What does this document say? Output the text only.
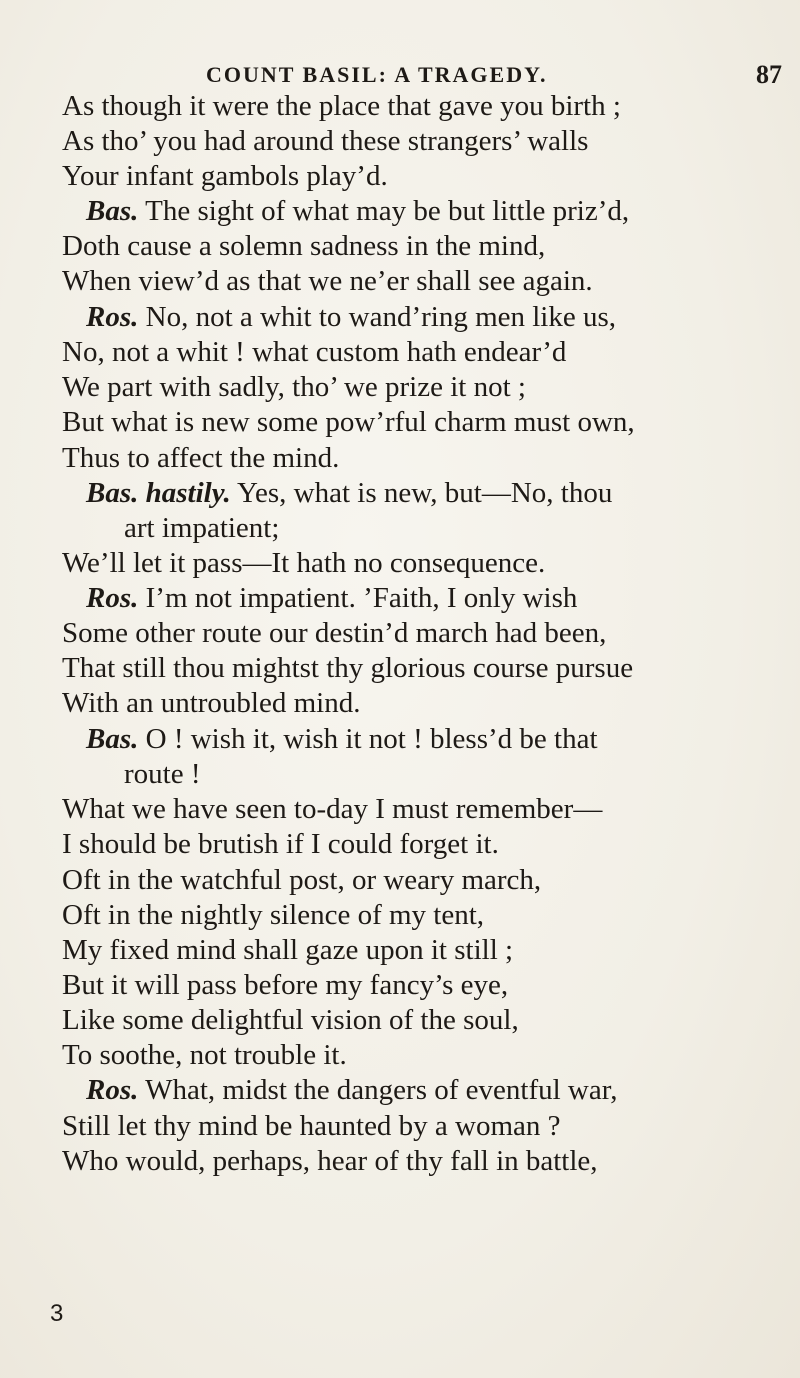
COUNT BASIL: A TRAGEDY.	87
As though it were the place that gave you birth ;
As tho’ you had around these strangers’ walls
Your infant gambols play’d.
Bas. The sight of what may be but little priz’d,
Doth cause a solemn sadness in the mind,
When view’d as that we ne’er shall see again.
Ros. No, not a whit to wand’ring men like us,
No, not a whit ! what custom hath endear’d
We part with sadly, tho’ we prize it not ;
But what is new some pow’rful charm must own,
Thus to affect the mind.
Bas. hastily. Yes, what is new, but—No, thou
art impatient;
We’ll let it pass—It hath no consequence.
Ros. I’m not impatient. ’Faith, I only wish
Some other route our destin’d march had been,
That still thou mightst thy glorious course pursue
With an untroubled mind.
Bas. O ! wish it, wish it not ! bless’d be that
route !
What we have seen to-day I must remember—
I should be brutish if I could forget it.
Oft in the watchful post, or weary march,
Oft in the nightly silence of my tent,
My fixed mind shall gaze upon it still ;
But it will pass before my fancy’s eye,
Like some delightful vision of the soul,
To soothe, not trouble it.
Ros. What, midst the dangers of eventful war,
Still let thy mind be haunted by a woman ?
Who would, perhaps, hear of thy fall in battle,
3
